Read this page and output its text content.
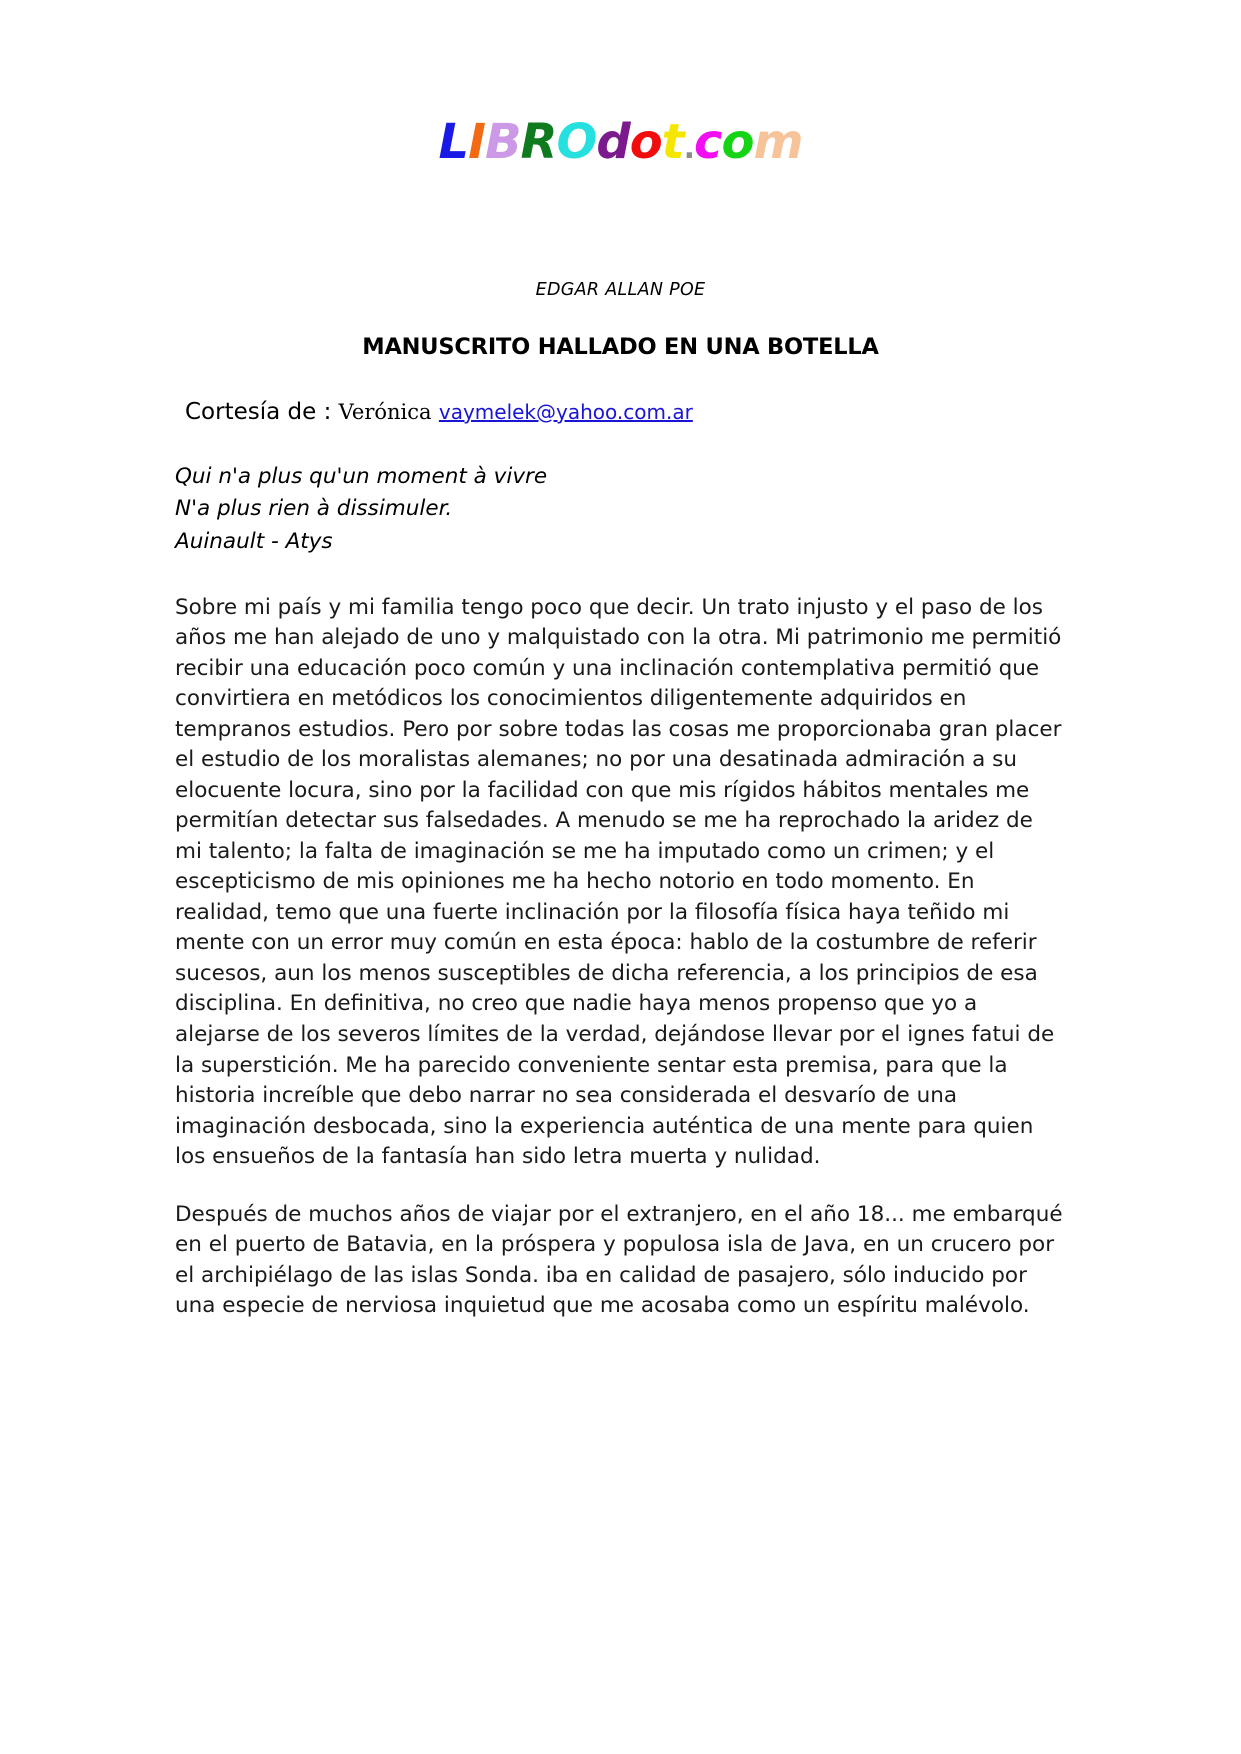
LIBROdot.com
EDGAR ALLAN POE
MANUSCRITO HALLADO EN UNA BOTELLA
Cortesía de : Verónica vaymelek@yahoo.com.ar
Qui n'a plus qu'un moment à vivre
N'a plus rien à dissimuler.
Auinault - Atys

Sobre mi país y mi familia tengo poco que decir. Un trato injusto y el paso de los años me han alejado de uno y malquistado con la otra. Mi patrimonio me permitió recibir una educación poco común y una inclinación contemplativa permitió que convirtiera en metódicos los conocimientos diligentemente adquiridos en tempranos estudios. Pero por sobre todas las cosas me proporcionaba gran placer el estudio de los moralistas alemanes; no por una desatinada admiración a su elocuente locura, sino por la facilidad con que mis rígidos hábitos mentales me permitían detectar sus falsedades. A menudo se me ha reprochado la aridez de mi talento; la falta de imaginación se me ha imputado como un crimen; y el escepticismo de mis opiniones me ha hecho notorio en todo momento. En realidad, temo que una fuerte inclinación por la filosofía física haya teñido mi mente con un error muy común en esta época: hablo de la costumbre de referir sucesos, aun los menos susceptibles de dicha referencia, a los principios de esa disciplina. En definitiva, no creo que nadie haya menos propenso que yo a alejarse de los severos límites de la verdad, dejándose llevar por el ignes fatui de la superstición. Me ha parecido conveniente sentar esta premisa, para que la historia increíble que debo narrar no sea considerada el desvarío de una imaginación desbocada, sino la experiencia auténtica de una mente para quien los ensueños de la fantasía han sido letra muerta y nulidad.

Después de muchos años de viajar por el extranjero, en el año 18... me embarqué en el puerto de Batavia, en la próspera y populosa isla de Java, en un crucero por el archipiélago de las islas Sonda. iba en calidad de pasajero, sólo inducido por una especie de nerviosa inquietud que me acosaba como un espíritu malévolo.
